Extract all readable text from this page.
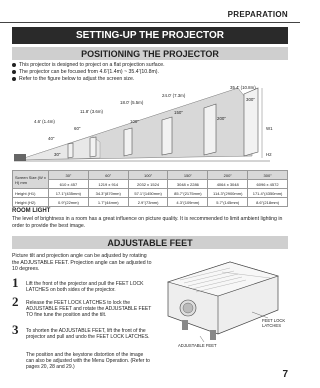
PREPARATION
SETTING-UP THE PROJECTOR
POSITIONING THE PROJECTOR
This projector is designed to project on a flat projection surface.
The projector can be focused from 4.6'(1.4m) ~ 35.4'(10.8m).
Refer to the figure below to adjust the screen size.
35.4' (10.8m)
24.0' (7.3m)
18.0' (5.5m)
11.8' (3.6m)
4.6' (1.4m)
300"
200"
150"
100"
60"
40"
30"
W1
H2
Screen Size (W x H) mm	30"	60"	100"	150"	200"	300"
	610 x 457	1219 x 914	2032 x 1524	3048 x 2286	4064 x 3048	6096 x 4572
Height (H1)	17.1"(435mm)	34.3"(870mm)	57.1"(1450mm)	85.7"(2175mm)	114.3"(2900mm)	171.4"(4350mm)
Height (H2)	0.9"(22mm)	1.7"(44mm)	2.9"(73mm)	4.3"(109mm)	5.7"(145mm)	8.6"(218mm)
ROOM LIGHT
The level of brightness in a room has a great influence on picture quality. It is recommended to limit ambient lighting in order to provide the best image.
ADJUSTABLE FEET
Picture tilt and projection angle can be adjusted by rotating the ADJUSTABLE FEET. Projection angle can be adjusted to 10 degrees.
1 Lift the front of the projector and pull the FEET LOCK LATCHES on both sides of the projector.
2 Release the FEET LOCK LATCHES to lock the ADJUSTABLE FEET and rotate the ADJUSTABLE FEET TO fine tune the position and the tilt.
3 To shorten the ADJUSTABLE FEET, lift the front of the projector and pull and undo the FEET LOCK LATCHES.
The position and the keystone distortion of the image can also be adjusted with the Menu Operation. (Refer to pages 20, 28 and 29.)
FEET LOCK
LATCHES
ADJUSTABLE FEET
7
